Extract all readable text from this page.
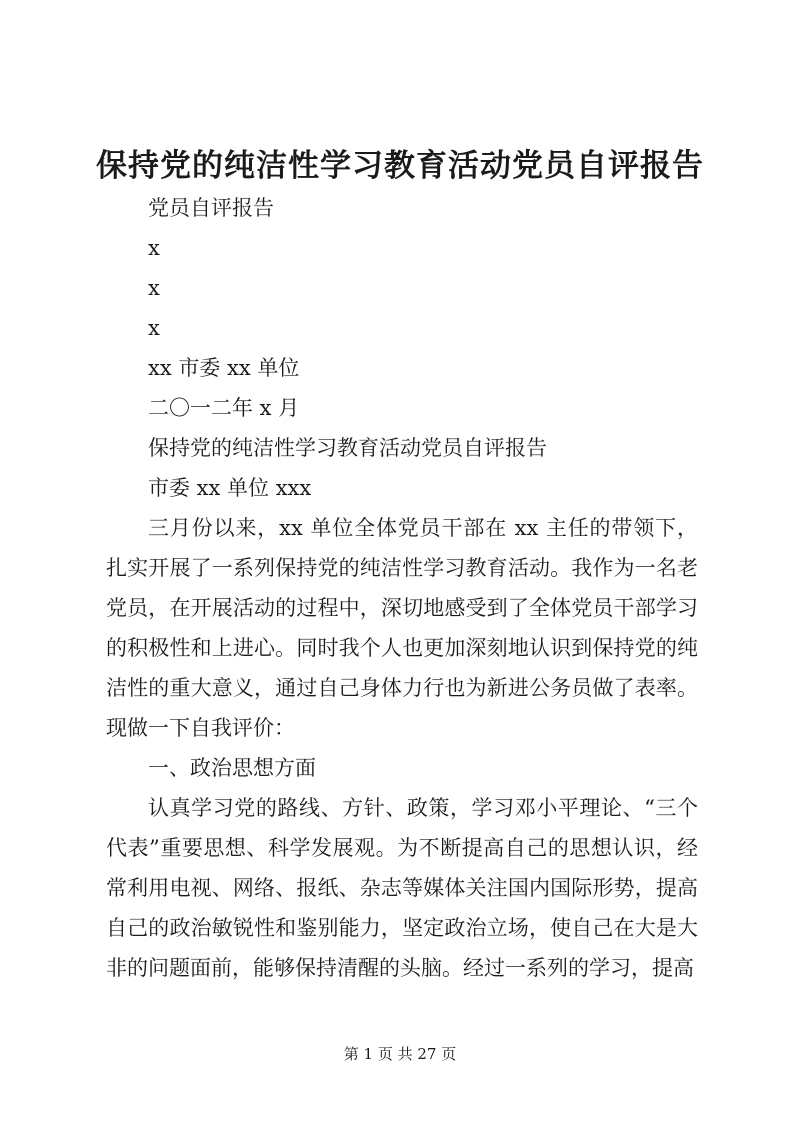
保持党的纯洁性学习教育活动党员自评报告

党员自评报告

x

x

x

xx 市委 xx 单位

二〇一二年 x 月

保持党的纯洁性学习教育活动党员自评报告

市委 xx 单位 xxx

三月份以来，xx 单位全体党员干部在 xx 主任的带领下，扎实开展了一系列保持党的纯洁性学习教育活动。我作为一名老党员，在开展活动的过程中，深切地感受到了全体党员干部学习的积极性和上进心。同时我个人也更加深刻地认识到保持党的纯洁性的重大意义，通过自己身体力行也为新进公务员做了表率。现做一下自我评价：

一、政治思想方面

认真学习党的路线、方针、政策，学习邓小平理论、“三个代表”重要思想、科学发展观。为不断提高自己的思想认识，经常利用电视、网络、报纸、杂志等媒体关注国内国际形势，提高自己的政治敏锐性和鉴别能力，坚定政治立场，使自己在大是大非的问题面前，能够保持清醒的头脑。经过一系列的学习，提高

第 1 页 共 27 页
